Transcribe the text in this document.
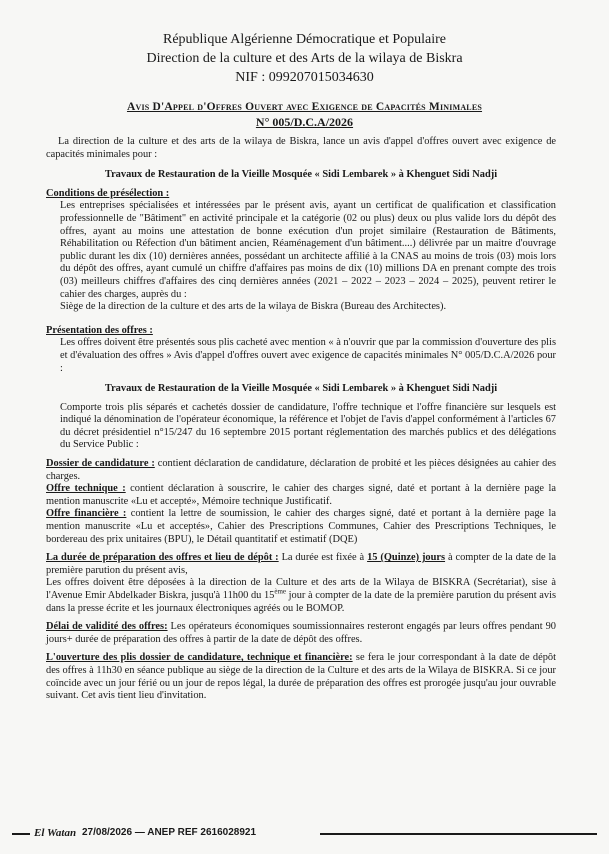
République Algérienne Démocratique et Populaire
Direction de la culture et des Arts de la wilaya de Biskra
NIF : 099207015034630
Avis D'Appel d'Offres Ouvert avec Exigence de Capacités Minimales
N° 005/D.C.A/2026

La direction de la culture et des arts de la wilaya de Biskra, lance un avis d'appel d'offres ouvert avec exigence de capacités minimales pour :

Travaux de Restauration de la Vieille Mosquée « Sidi Lembarek » à Khenguet Sidi Nadji

Conditions de présélection :

Les entreprises spécialisées et intéressées par le présent avis, ayant un certificat de qualification et classification professionnelle de "Bâtiment" en activité principale et la catégorie (02 ou plus) deux ou plus valide lors du dépôt des offres, ayant au moins une attestation de bonne exécution d'un projet similaire (Restauration de Bâtiments, Réhabilitation ou Réfection d'un bâtiment ancien, Réaménagement d'un bâtiment....) délivrée par un maitre d'ouvrage public durant les dix (10) dernières années, possédant un architecte affilié à la CNAS au moins de trois (03) mois lors du dépôt des offres, ayant cumulé un chiffre d'affaires pas moins de dix (10) millions DA en prenant compte des trois (03) meilleurs chiffres d'affaires des cinq dernières années (2021 – 2022 – 2023 – 2024 – 2025), peuvent retirer le cahier des charges, auprès du :

Siège de la direction de la culture et des arts de la wilaya de Biskra (Bureau des Architectes).

Présentation des offres :

Les offres doivent être présentés sous plis cacheté avec mention « à n'ouvrir que par la commission d'ouverture des plis et d'évaluation des offres » Avis d'appel d'offres ouvert avec exigence de capacités minimales N° 005/D.C.A/2026 pour :

Travaux de Restauration de la Vieille Mosquée « Sidi Lembarek » à Khenguet Sidi Nadji

Comporte trois plis séparés et cachetés dossier de candidature, l'offre technique et l'offre financière sur lesquels est indiqué la dénomination de l'opérateur économique, la référence et l'objet de l'avis d'appel conformément à l'articles 67 du décret présidentiel n°15/247 du 16 septembre 2015 portant réglementation des marchés publics et des délégations du Service Public :

Dossier de candidature : contient déclaration de candidature, déclaration de probité et les pièces désignées au cahier des charges.

Offre technique : contient déclaration à souscrire, le cahier des charges signé, daté et portant à la dernière page la mention manuscrite «Lu et accepté», Mémoire technique Justificatif.

Offre financière : contient la lettre de soumission, le cahier des charges signé, daté et portant à la dernière page la mention manuscrite «Lu et acceptés», Cahier des Prescriptions Communes, Cahier des Prescriptions Techniques, le bordereau des prix unitaires (BPU), le Détail quantitatif et estimatif (DQE)

La durée de préparation des offres et lieu de dépôt : La durée est fixée à 15 (Quinze) jours à compter de la date de la première parution du présent avis,

Les offres doivent être déposées à la direction de la Culture et des arts de la Wilaya de BISKRA (Secrétariat), sise à l'Avenue Emir Abdelkader Biskra, jusqu'à 11h00 du 15ème jour à compter de la date de la première parution du présent avis dans la presse écrite et les journaux électroniques agréés ou le BOMOP.

Délai de validité des offres: Les opérateurs économiques soumissionnaires resteront engagés par leurs offres pendant 90 jours+ durée de préparation des offres à partir de la date de dépôt des offres.

L'ouverture des plis dossier de candidature, technique et financière: se fera le jour correspondant à la date de dépôt des offres à 11h30 en séance publique au siège de la direction de la Culture et des arts de la Wilaya de BISKRA. Si ce jour coïncide avec un jour férié ou un jour de repos légal, la durée de préparation des offres est prorogée jusqu'au jour ouvrable suivant. Cet avis tient lieu d'invitation.

El Watan 27/08/2026 — ANEP REF 2616028921
